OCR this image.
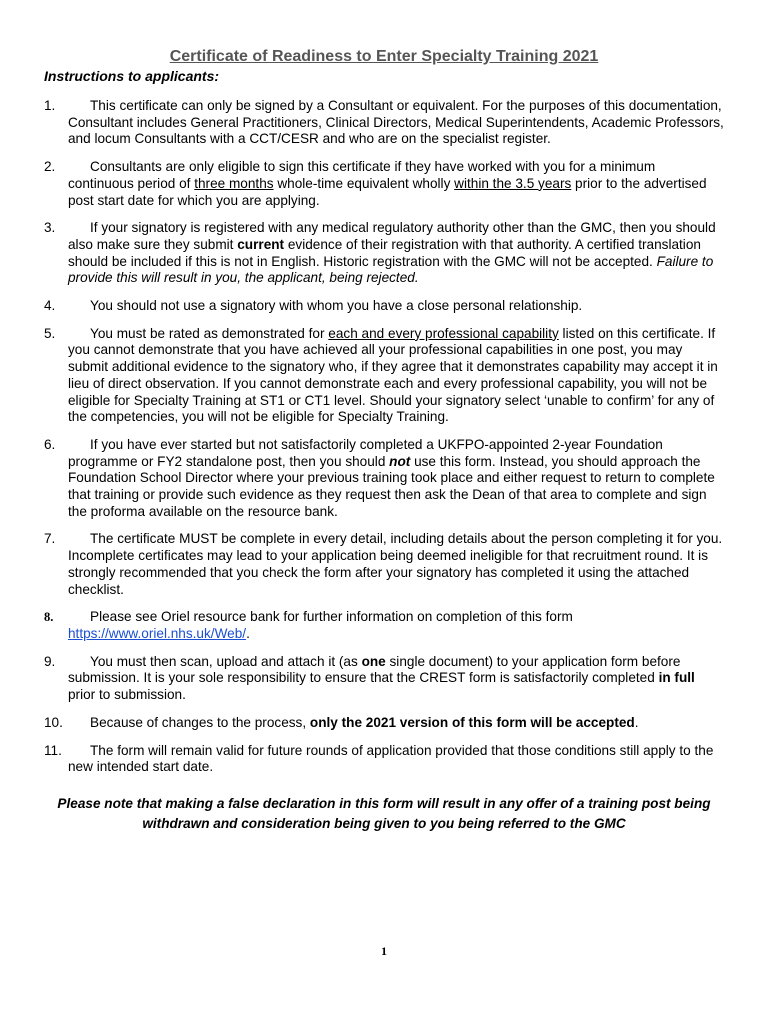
Certificate of Readiness to Enter Specialty Training 2021
Instructions to applicants:
1.	This certificate can only be signed by a Consultant or equivalent. For the purposes of this documentation, Consultant includes General Practitioners, Clinical Directors, Medical Superintendents, Academic Professors, and locum Consultants with a CCT/CESR and who are on the specialist register.
2.	Consultants are only eligible to sign this certificate if they have worked with you for a minimum continuous period of three months whole-time equivalent wholly within the 3.5 years prior to the advertised post start date for which you are applying.
3.	If your signatory is registered with any medical regulatory authority other than the GMC, then you should also make sure they submit current evidence of their registration with that authority. A certified translation should be included if this is not in English. Historic registration with the GMC will not be accepted. Failure to provide this will result in you, the applicant, being rejected.
4.	You should not use a signatory with whom you have a close personal relationship.
5.	You must be rated as demonstrated for each and every professional capability listed on this certificate. If you cannot demonstrate that you have achieved all your professional capabilities in one post, you may submit additional evidence to the signatory who, if they agree that it demonstrates capability may accept it in lieu of direct observation. If you cannot demonstrate each and every professional capability, you will not be eligible for Specialty Training at ST1 or CT1 level. Should your signatory select ‘unable to confirm’ for any of the competencies, you will not be eligible for Specialty Training.
6.	If you have ever started but not satisfactorily completed a UKFPO-appointed 2-year Foundation programme or FY2 standalone post, then you should not use this form. Instead, you should approach the Foundation School Director where your previous training took place and either request to return to complete that training or provide such evidence as they request then ask the Dean of that area to complete and sign the proforma available on the resource bank.
7.	The certificate MUST be complete in every detail, including details about the person completing it for you. Incomplete certificates may lead to your application being deemed ineligible for that recruitment round. It is strongly recommended that you check the form after your signatory has completed it using the attached checklist.
8.	Please see Oriel resource bank for further information on completion of this form https://www.oriel.nhs.uk/Web/.
9.	You must then scan, upload and attach it (as one single document) to your application form before submission. It is your sole responsibility to ensure that the CREST form is satisfactorily completed in full prior to submission.
10. Because of changes to the process, only the 2021 version of this form will be accepted.
11. The form will remain valid for future rounds of application provided that those conditions still apply to the new intended start date.
Please note that making a false declaration in this form will result in any offer of a training post being withdrawn and consideration being given to you being referred to the GMC
1
